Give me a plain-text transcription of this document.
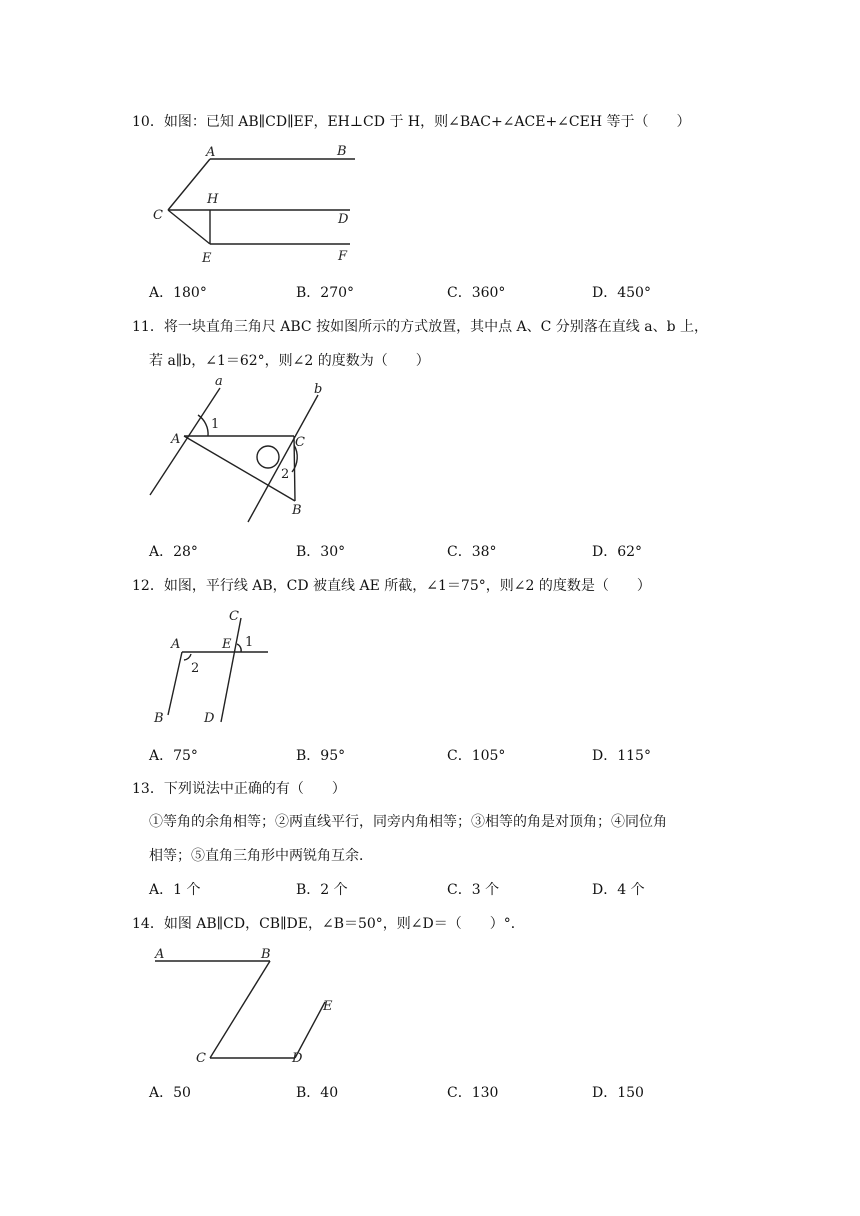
10．如图：已知 AB∥CD∥EF，EH⊥CD 于 H，则∠BAC+∠ACE+∠CEH 等于（　　）
A	B
C
H
D
E	F
A．180°	B．270°	C．360°	D．450°
11．将一块直角三角尺 ABC 按如图所示的方式放置，其中点 A、C 分别落在直线 a、b 上，
若 a∥b，∠1＝62°，则∠2 的度数为（　　）
a
b
A	C
B
1
2
A．28°	B．30°	C．38°	D．62°
12．如图，平行线 AB，CD 被直线 AE 所截，∠1＝75°，则∠2 的度数是（　　）
C
A	E 1
2
B	D
A．75°	B．95°	C．105°	D．115°
13．下列说法中正确的有（　　）
①等角的余角相等；②两直线平行，同旁内角相等；③相等的角是对顶角；④同位角
相等；⑤直角三角形中两锐角互余．
A．1 个	B．2 个	C．3 个	D．4 个
14．如图 AB∥CD，CB∥DE，∠B＝50°，则∠D＝（　　）°．
A	B
E
C	D
A．50	B．40	C．130	D．150
